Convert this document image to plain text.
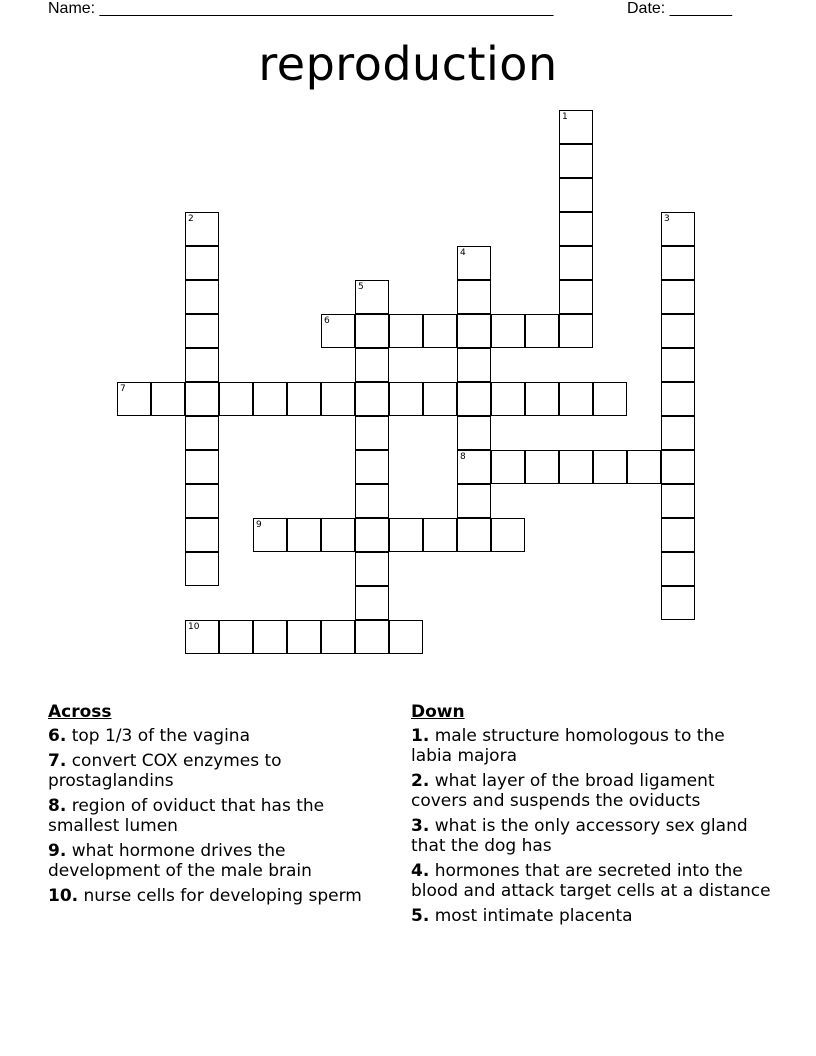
Name: ___________________________________________________	Date: _______
reproduction
1
2	3
4
8
5
6
7
9
10
Across
6. top 1/3 of the vagina
7. convert COX enzymes to prostaglandins
8. region of oviduct that has the smallest lumen
9. what hormone drives the development of the male brain
10. nurse cells for developing sperm
Down
1. male structure homologous to the labia majora
2. what layer of the broad ligament covers and suspends the oviducts
3. what is the only accessory sex gland that the dog has
4. hormones that are secreted into the blood and attack target cells at a distance
5. most intimate placenta
